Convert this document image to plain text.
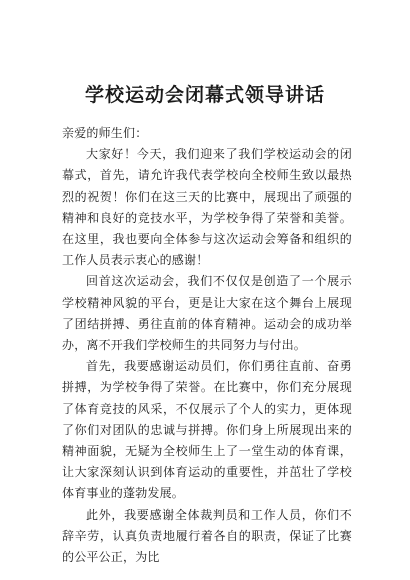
学校运动会闭幕式领导讲话

亲爱的师生们：

大家好！今天，我们迎来了我们学校运动会的闭幕式，首先，请允许我代表学校向全校师生致以最热烈的祝贺！你们在这三天的比赛中，展现出了顽强的精神和良好的竞技水平，为学校争得了荣誉和美誉。在这里，我也要向全体参与这次运动会筹备和组织的工作人员表示衷心的感谢！

回首这次运动会，我们不仅仅是创造了一个展示学校精神风貌的平台，更是让大家在这个舞台上展现了团结拼搏、勇往直前的体育精神。运动会的成功举办，离不开我们学校师生的共同努力与付出。

首先，我要感谢运动员们，你们勇往直前、奋勇拼搏，为学校争得了荣誉。在比赛中，你们充分展现了体育竞技的风采，不仅展示了个人的实力，更体现了你们对团队的忠诚与拼搏。你们身上所展现出来的精神面貌，无疑为全校师生上了一堂生动的体育课，让大家深刻认识到体育运动的重要性，并茁壮了学校体育事业的蓬勃发展。

此外，我要感谢全体裁判员和工作人员，你们不辞辛劳，认真负责地履行着各自的职责，保证了比赛的公平公正，为比
